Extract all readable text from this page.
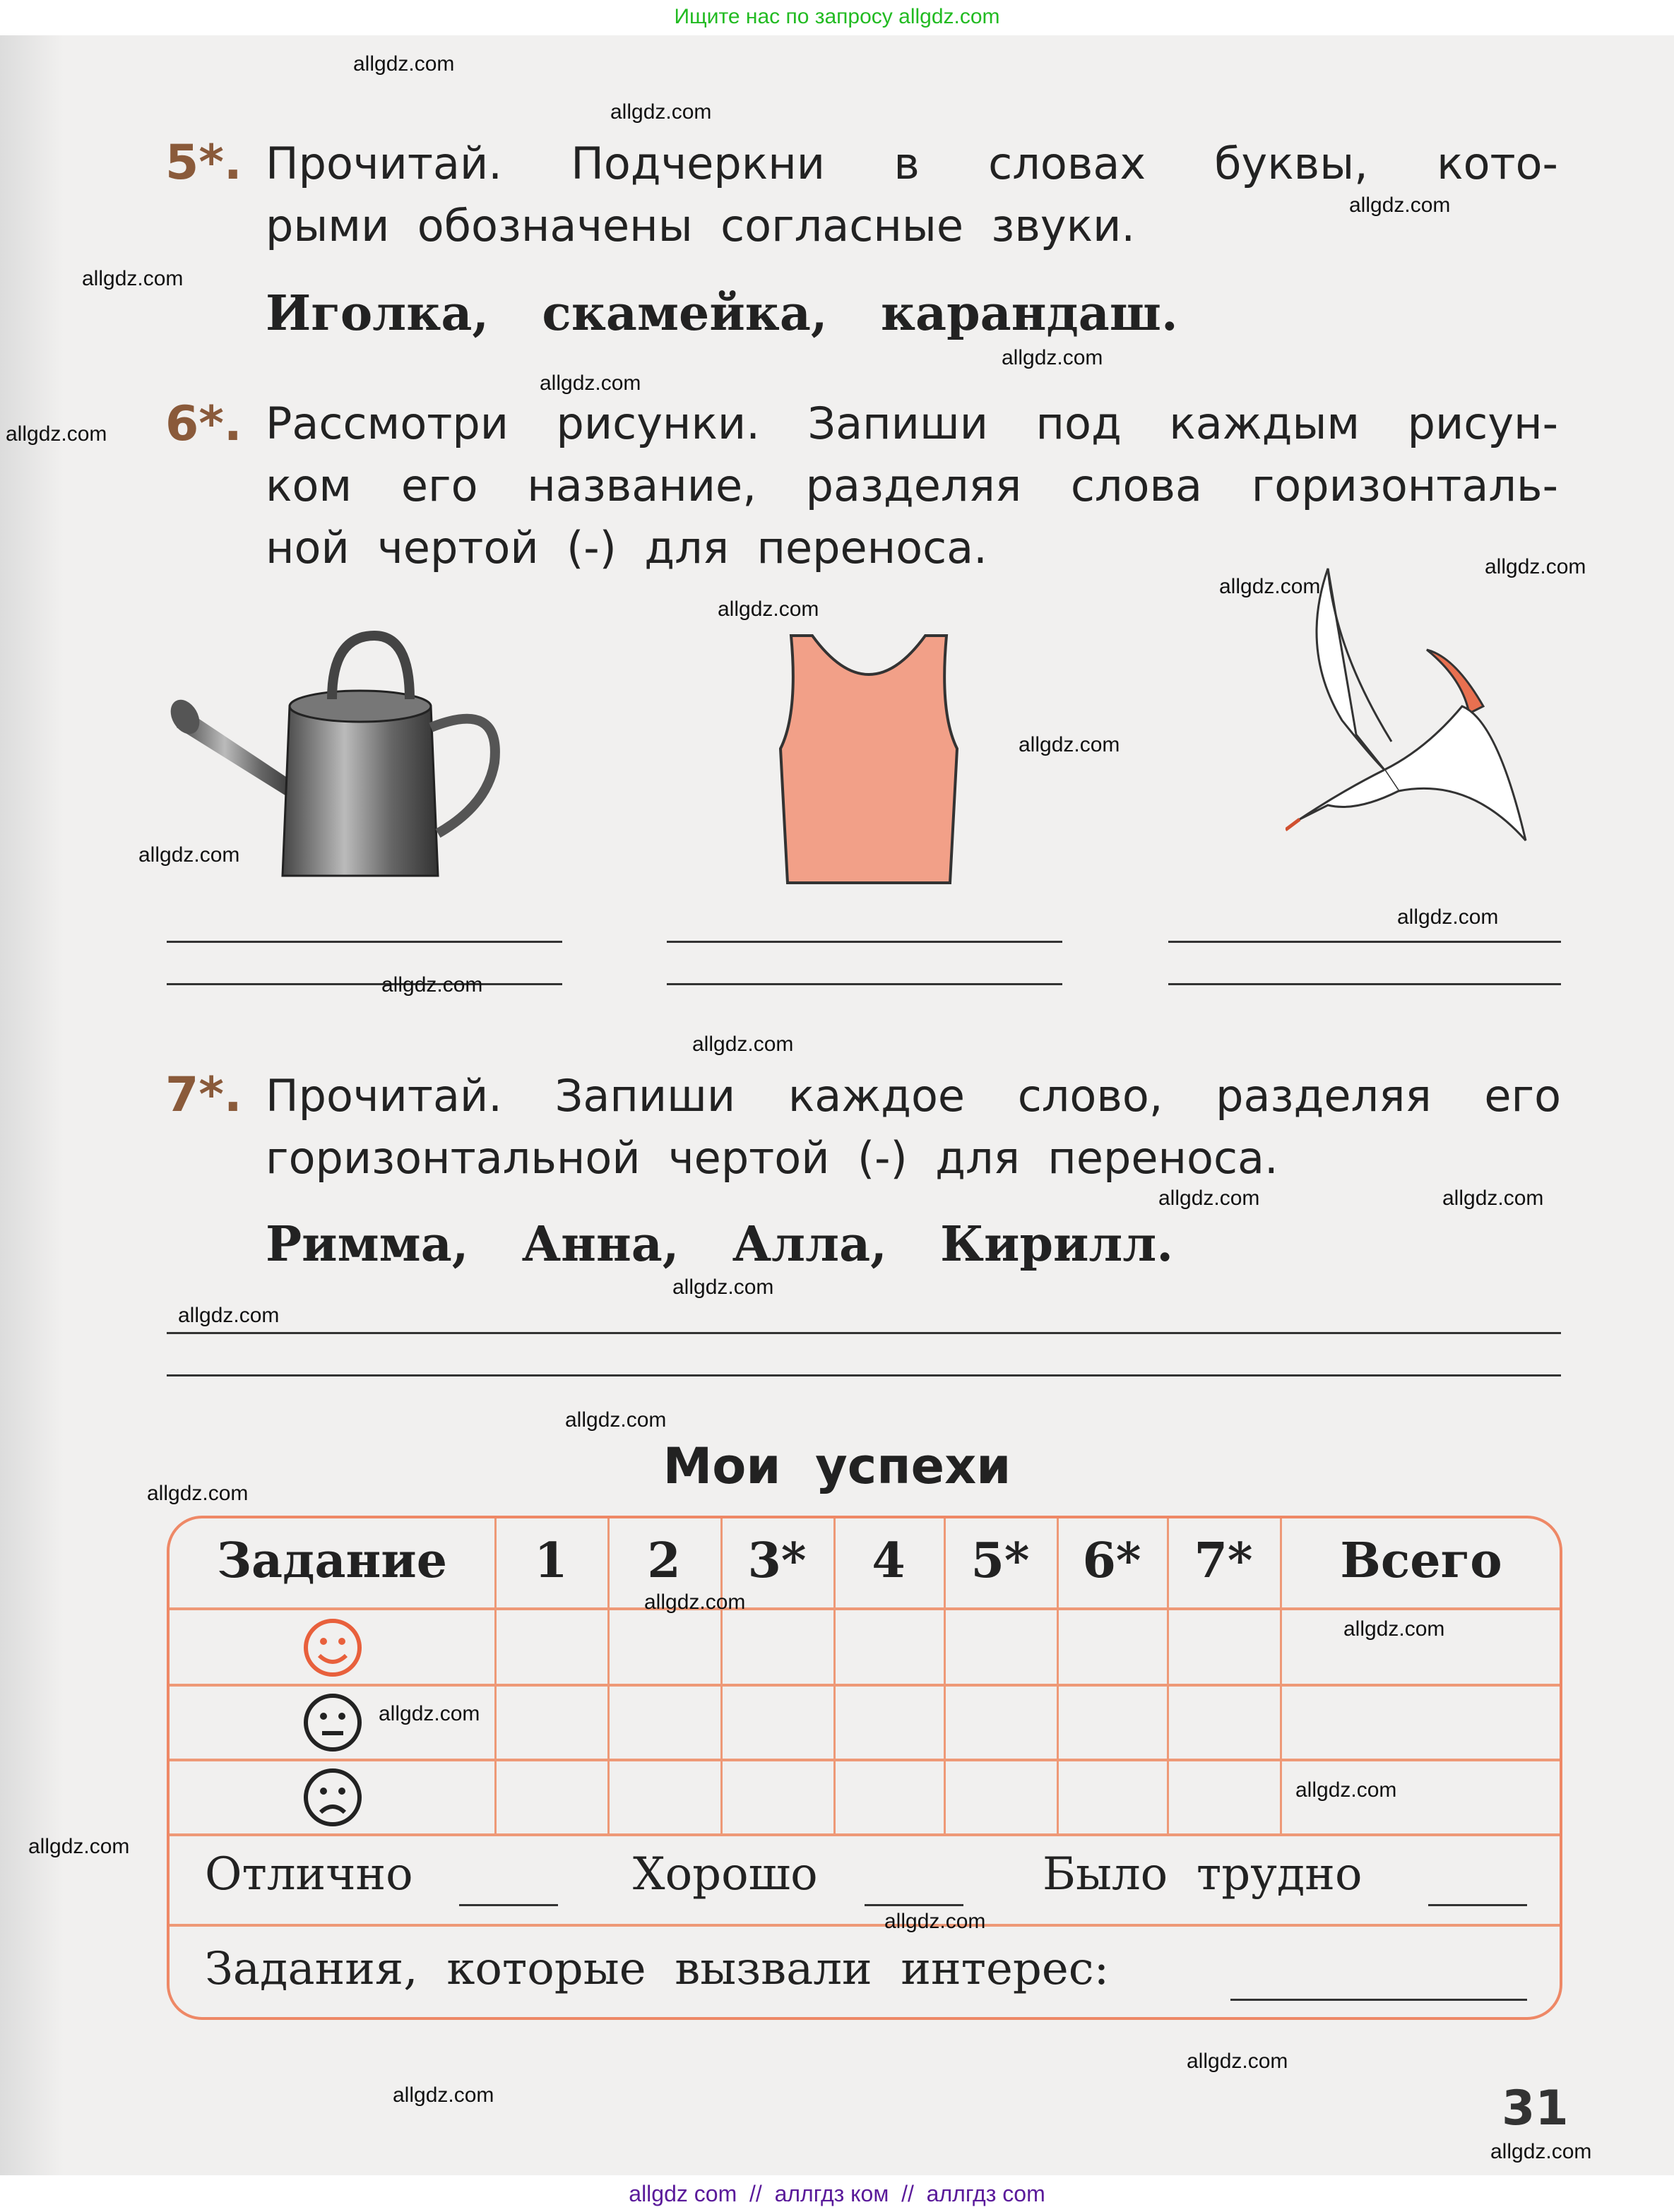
Ищите нас по запросу allgdz.com
5*. Прочитай. Подчеркни в словах буквы, кото-
рыми  обозначены  согласные  звуки.
Иголка,  скамейка,  карандаш.
6*. Рассмотри рисунки. Запиши под каждым рисун-
ком его название, разделяя слова горизонталь-
ной  чертой  (-)  для  переноса.
7*. Прочитай. Запиши каждое слово, разделяя его
горизонтальной  чертой  (-)  для  переноса.
Римма,  Анна,  Алла,  Кирилл.
Мои  успехи
Задание	1	2	3*	4	5*	6*	7*	Всего
Отлично	Хорошо	Было  трудно
Задания,  которые  вызвали  интерес:
31
allgdz.com
allgdz.com
allgdz.com
allgdz.com
allgdz.com
allgdz.com
allgdz.com
allgdz.com
allgdz.com
allgdz.com
allgdz.com
allgdz.com
allgdz.com
allgdz.com
allgdz.com
allgdz.com
allgdz.com
allgdz.com
allgdz.com
allgdz.com
allgdz.com
allgdz.com
allgdz.com
allgdz.com
allgdz.com
allgdz.com
allgdz.com
allgdz.com
allgdz.com
allgdz.com
allgdz com  //  аллгдз ком  //  аллгдз com
